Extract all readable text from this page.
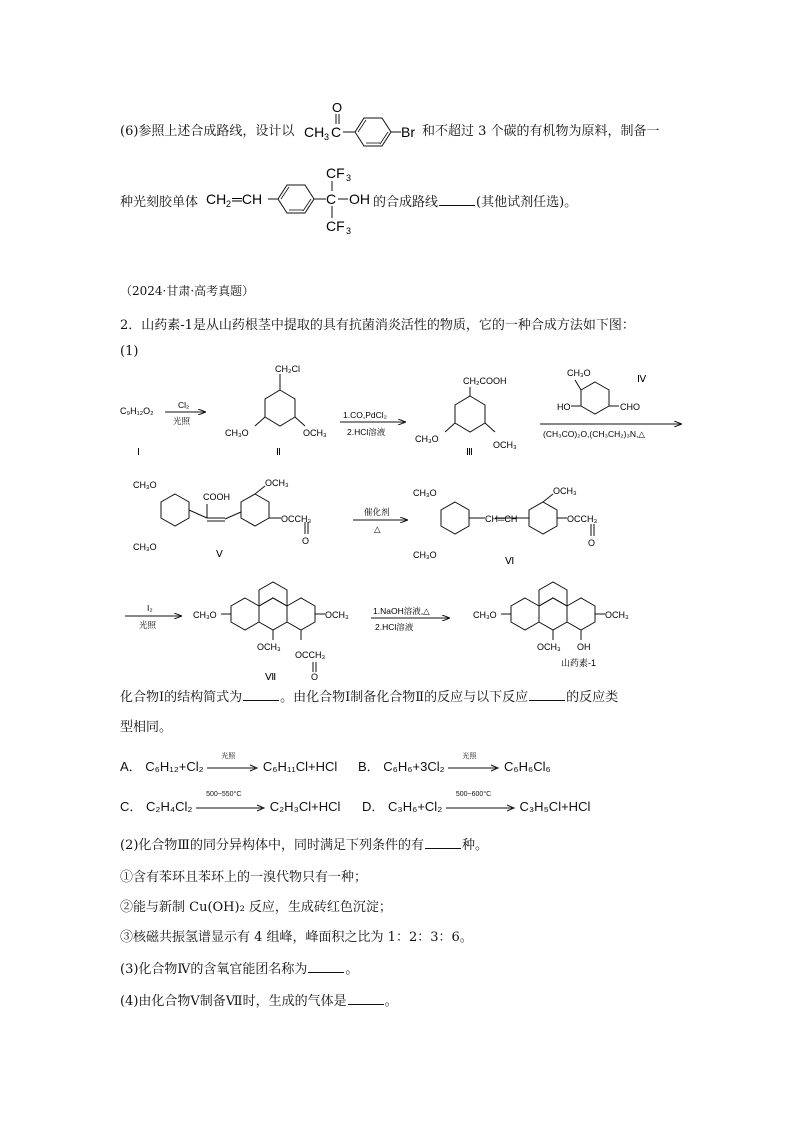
(6)参照上述合成路线，设计以 CH 3 C
O
Br 和不超过 3 个碳的有机物为原料，制备一
种光刻胶单体 CH 2 ═CH	C
CF 3
CF 3
OH 的合成路线	(其他试剂任选)。
（2024·甘肃·高考真题）
2．山药素-1是从山药根茎中提取的具有抗菌消炎活性的物质，它的一种合成方法如下图：
(1)
C₉H₁₂O₂
Ⅰ
Cl₂
光照
CH₂Cl
CH₃O	OCH₃
Ⅱ
1.CO,PdCl₂
2.HCl溶液
CH₂COOH
CH₃O
OCH₃
Ⅲ
CH₃O
HO	CHO
Ⅳ
(CH₃CO)₂O,(CH₃CH₂)₃N,△
CH₃O
CH₃O
COOH
OCH₃
OCCH₃
O
Ⅴ
催化剂
△
CH═CH
CH₃O
CH₃O
OCH₃
OCCH₃
O
Ⅵ
I₂
光照
CH₃O	OCH₃
OCH₃
OCCH₃
O
Ⅶ
1.NaOH溶液,△
2.HCl溶液
CH₃O	OCH₃
OCH₃ OH
山药素-1
化合物Ⅰ的结构简式为	。由化合物Ⅰ制备化合物Ⅱ的反应与以下反应	的反应类
型相同。
A． C₆H₁₂+Cl₂
光照
C₆H₁₁Cl+HCl B． C₆H₆+3Cl₂
光照
C₆H₆Cl₆
C． C₂H₄Cl₂
500~550°C
C₂H₃Cl+HCl D． C₃H₆+Cl₂
500~600°C
C₃H₅Cl+HCl
(2)化合物Ⅲ的同分异构体中，同时满足下列条件的有	种。
①含有苯环且苯环上的一溴代物只有一种；
②能与新制 Cu(OH)₂ 反应，生成砖红色沉淀；
③核磁共振氢谱显示有 4 组峰，峰面积之比为 1：2：3：6。
(3)化合物Ⅳ的含氧官能团名称为	。
(4)由化合物Ⅴ制备Ⅶ时，生成的气体是	。
